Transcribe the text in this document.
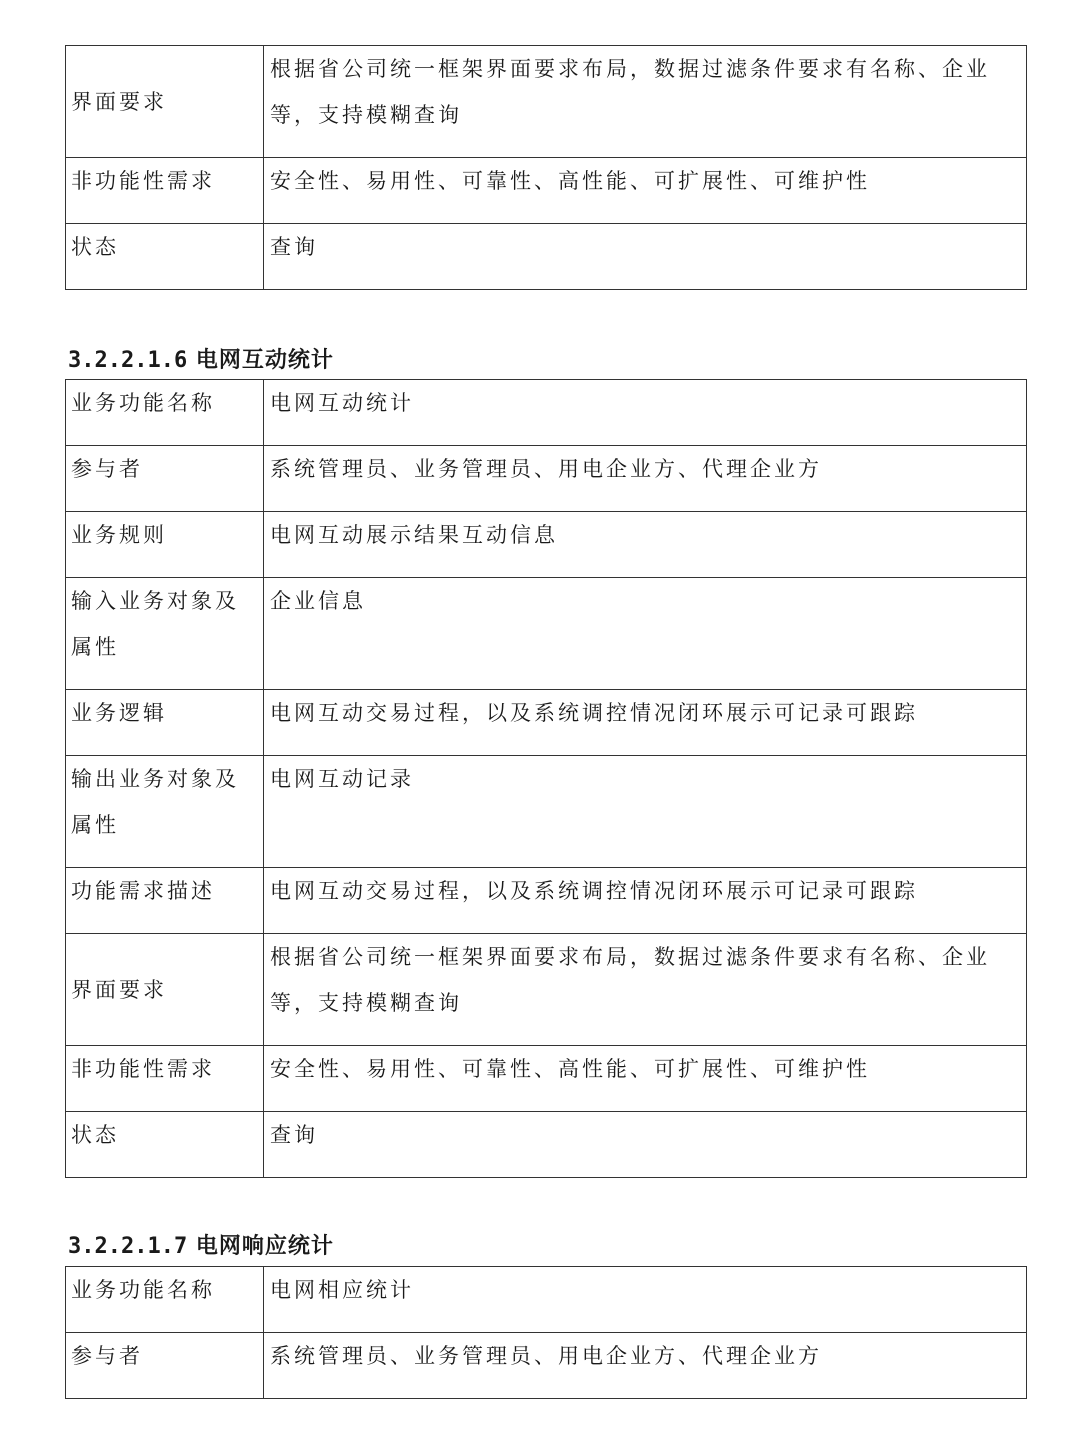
界面要求	根据省公司统一框架界面要求布局，数据过滤条件要求有名称、企业等，支持模糊查询
非功能性需求	安全性、易用性、可靠性、高性能、可扩展性、可维护性
状态	查询
3.2.2.1.6 电网互动统计
业务功能名称	电网互动统计
参与者	系统管理员、业务管理员、用电企业方、代理企业方
业务规则	电网互动展示结果互动信息
输入业务对象及属性	企业信息
业务逻辑	电网互动交易过程，以及系统调控情况闭环展示可记录可跟踪
输出业务对象及属性	电网互动记录
功能需求描述	电网互动交易过程，以及系统调控情况闭环展示可记录可跟踪
界面要求	根据省公司统一框架界面要求布局，数据过滤条件要求有名称、企业等，支持模糊查询
非功能性需求	安全性、易用性、可靠性、高性能、可扩展性、可维护性
状态	查询
3.2.2.1.7 电网响应统计
业务功能名称	电网相应统计
参与者	系统管理员、业务管理员、用电企业方、代理企业方
